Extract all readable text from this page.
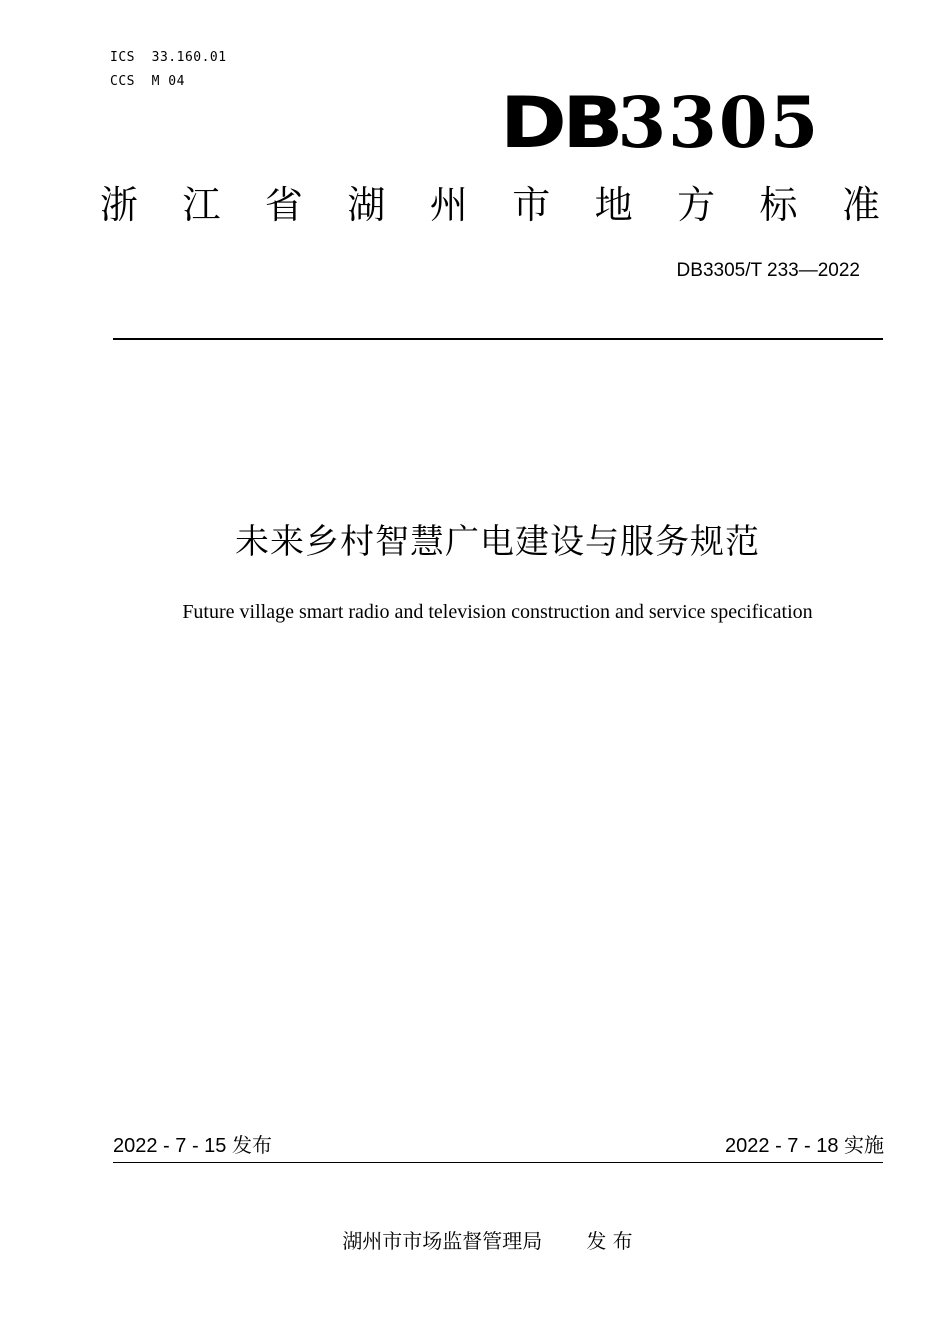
ICS  33.160.01
CCS  M 04
DB
3305
浙 江 省 湖 州 市 地 方 标 准
DB3305/T 233—2022
未来乡村智慧广电建设与服务规范
Future village smart radio and television construction and service specification
2022 - 7 - 15 发布	2022 - 7 - 18 实施
湖州市市场监督管理局 发 布
